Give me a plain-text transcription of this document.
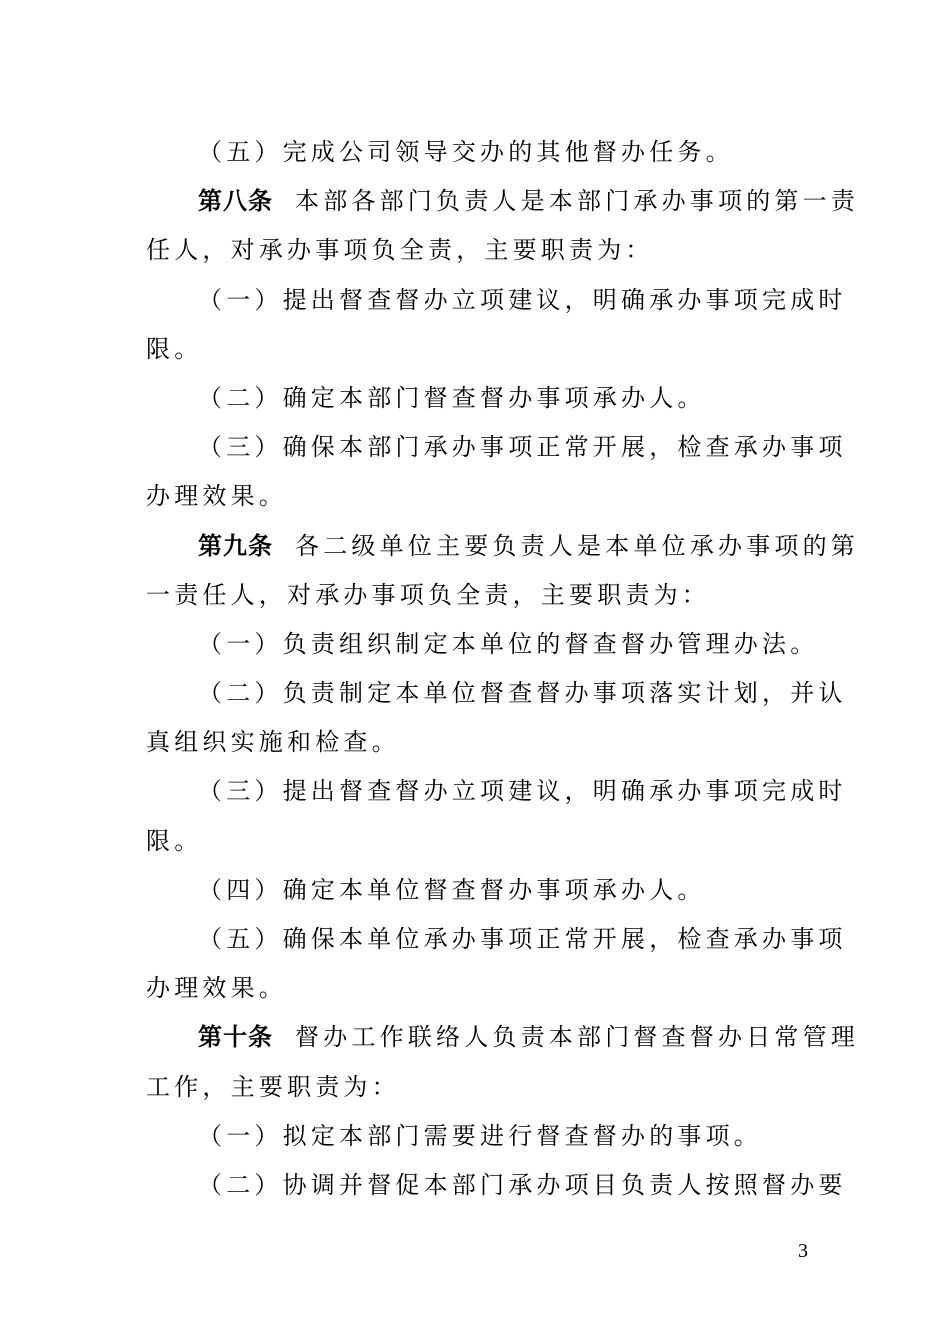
（五）完成公司领导交办的其他督办任务。
第八条 本部各部门负责人是本部门承办事项的第一责
任人，对承办事项负全责，主要职责为：
（一）提出督查督办立项建议，明确承办事项完成时
限。
（二）确定本部门督查督办事项承办人。
（三）确保本部门承办事项正常开展，检查承办事项
办理效果。
第九条 各二级单位主要负责人是本单位承办事项的第
一责任人，对承办事项负全责，主要职责为：
（一）负责组织制定本单位的督查督办管理办法。
（二）负责制定本单位督查督办事项落实计划，并认
真组织实施和检查。
（三）提出督查督办立项建议，明确承办事项完成时
限。
（四）确定本单位督查督办事项承办人。
（五）确保本单位承办事项正常开展，检查承办事项
办理效果。
第十条 督办工作联络人负责本部门督查督办日常管理
工作，主要职责为：
（一）拟定本部门需要进行督查督办的事项。
（二）协调并督促本部门承办项目负责人按照督办要
3
